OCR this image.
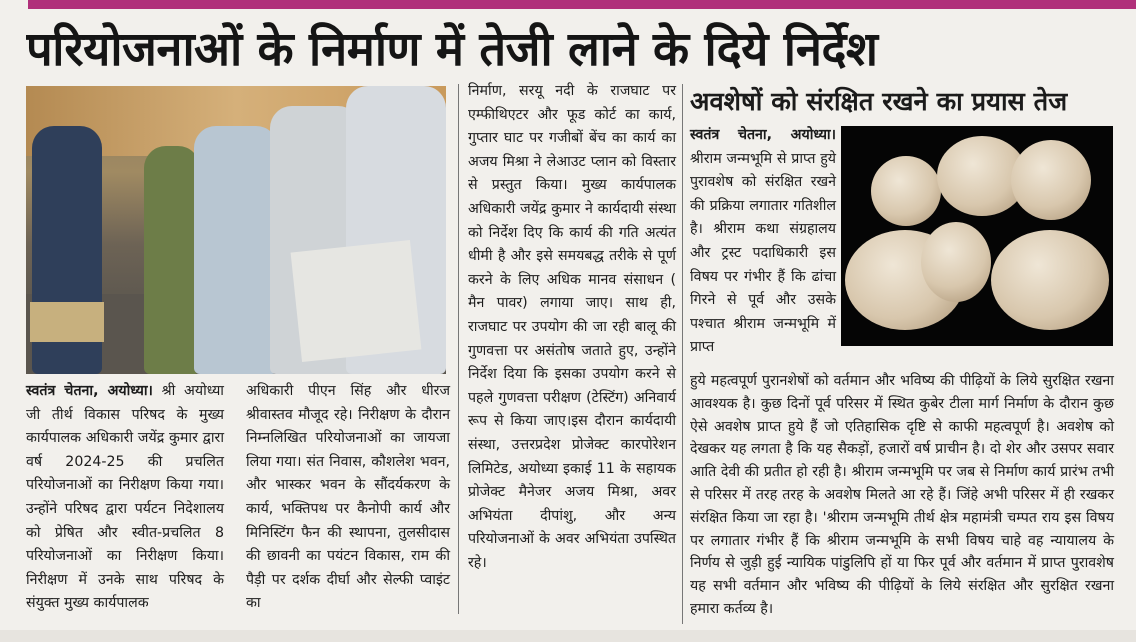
परियोजनाओं के निर्माण में तेजी लाने के दिये निर्देश

स्वतंत्र चेतना, अयोध्या। श्री अयोध्या जी तीर्थ विकास परिषद के मुख्य कार्यपालक अधिकारी जयेंद्र कुमार द्वारा वर्ष 2024-25 की प्रचलित परियोजनाओं का निरीक्षण किया गया। उन्होंने परिषद द्वारा पर्यटन निदेशालय को प्रेषित और स्वीत-प्रचलित 8 परियोजनाओं का निरीक्षण किया। निरीक्षण में उनके साथ परिषद के संयुक्त मुख्य कार्यपालक

अधिकारी पीएन सिंह और धीरज श्रीवास्तव मौजूद रहे। निरीक्षण के दौरान निम्नलिखित परियोजनाओं का जायजा लिया गया। संत निवास, कौशलेश भवन, और भास्कर भवन के सौंदर्यकरण के कार्य, भक्तिपथ पर कैनोपी कार्य और मिनिस्टिंग फैन की स्थापना, तुलसीदास की छावनी का पयंटन विकास, राम की पैड़ी पर दर्शक दीर्घा और सेल्फी प्वाइंट का

निर्माण, सरयू नदी के राजघाट पर एम्फीथिएटर और फूड कोर्ट का कार्य, गुप्तार घाट पर गजीबों बेंच का कार्य का अजय मिश्रा ने लेआउट प्लान को विस्तार से प्रस्तुत किया। मुख्य कार्यपालक अधिकारी जयेंद्र कुमार ने कार्यदायी संस्था को निर्देश दिए कि कार्य की गति अत्यंत धीमी है और इसे समयबद्ध तरीके से पूर्ण करने के लिए अधिक मानव संसाधन ( मैन पावर) लगाया जाए। साथ ही, राजघाट पर उपयोग की जा रही बालू की गुणवत्ता पर असंतोष जताते हुए, उन्होंने निर्देश दिया कि इसका उपयोग करने से पहले गुणवत्ता परीक्षण (टेस्टिंग) अनिवार्य रूप से किया जाए।इस दौरान कार्यदायी संस्था, उत्तरप्रदेश प्रोजेक्ट कारपोरेशन लिमिटेड, अयोध्या इकाई 11 के सहायक प्रोजेक्ट मैनेजर अजय मिश्रा, अवर अभियंता दीपांशु, और अन्य परियोजनाओं के अवर अभियंता उपस्थित रहे।

अवशेषों को संरक्षित रखने का प्रयास तेज

स्वतंत्र चेतना, अयोध्या। श्रीराम जन्मभूमि से प्राप्त हुये पुरावशेष को संरक्षित रखने की प्रक्रिया लगातार गतिशील है। श्रीराम कथा संग्रहालय और ट्रस्ट पदाधिकारी इस विषय पर गंभीर हैं कि ढांचा गिरने से पूर्व और उसके पश्चात श्रीराम जन्मभूमि में प्राप्त

हुये महत्वपूर्ण पुरानशेषों को वर्तमान और भविष्य की पीढ़ियों के लिये सुरक्षित रखना आवश्यक है। कुछ दिनों पूर्व परिसर में स्थित कुबेर टीला मार्ग निर्माण के दौरान कुछ ऐसे अवशेष प्राप्त हुये हैं जो एतिहासिक दृष्टि से काफी महत्वपूर्ण है। अवशेष को देखकर यह लगता है कि यह सैकड़ों, हजारों वर्ष प्राचीन है। दो शेर और उसपर सवार आति देवी की प्रतीत हो रही है। श्रीराम जन्मभूमि पर जब से निर्माण कार्य प्रारंभ तभी से परिसर में तरह तरह के अवशेष मिलते आ रहे हैं। जिंहे अभी परिसर में ही रखकर संरक्षित किया जा रहा है। 'श्रीराम जन्मभूमि तीर्थ क्षेत्र महामंत्री चम्पत राय इस विषय पर लगातार गंभीर हैं कि श्रीराम जन्मभूमि के सभी विषय चाहे वह न्यायालय के निर्णय से जुड़ी हुई न्यायिक पांडुलिपि हों या फिर पूर्व और वर्तमान में प्राप्त पुरावशेष यह सभी वर्तमान और भविष्य की पीढ़ियों के लिये संरक्षित और सुरक्षित रखना हमारा कर्तव्य है।
